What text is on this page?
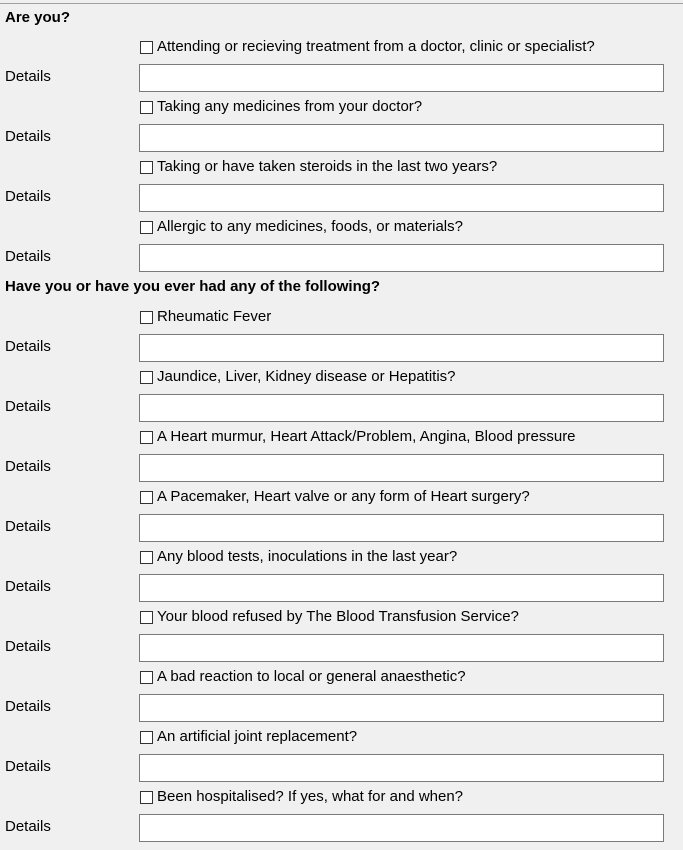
Are you?
Attending or recieving treatment from a doctor, clinic or specialist?
Details
Taking any medicines from your doctor?
Details
Taking or have taken steroids in the last two years?
Details
Allergic to any medicines, foods, or materials?
Details
Have you or have you ever had any of the following?
Rheumatic Fever
Details
Jaundice, Liver, Kidney disease or Hepatitis?
Details
A Heart murmur, Heart Attack/Problem, Angina, Blood pressure
Details
A Pacemaker, Heart valve or any form of Heart surgery?
Details
Any blood tests, inoculations in the last year?
Details
Your blood refused by The Blood Transfusion Service?
Details
A bad reaction to local or general anaesthetic?
Details
An artificial joint replacement?
Details
Been hospitalised? If yes, what for and when?
Details
